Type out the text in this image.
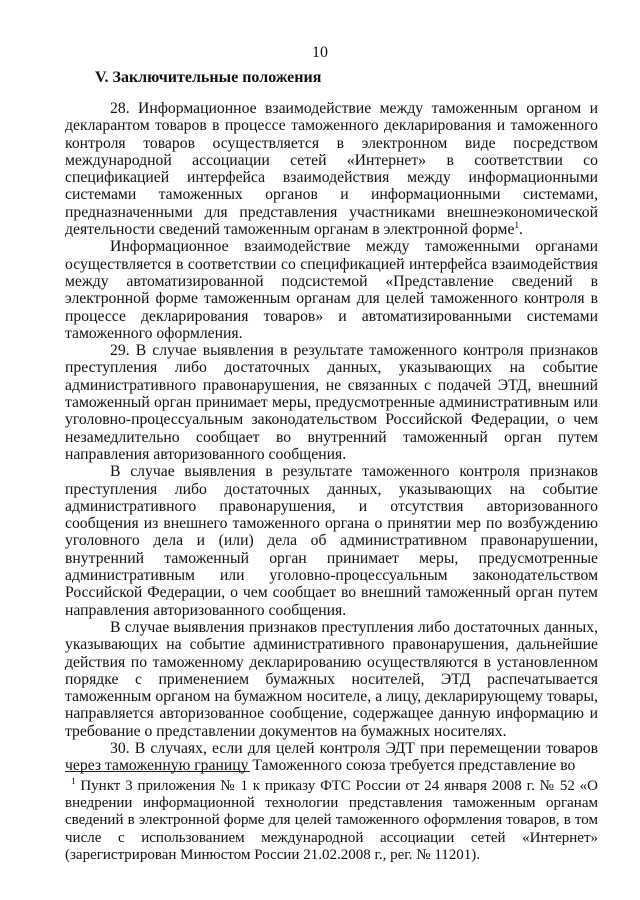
10
V. Заключительные положения

28. Информационное взаимодействие между таможенным органом и декларантом товаров в процессе таможенного декларирования и таможенного контроля товаров осуществляется в электронном виде посредством международной ассоциации сетей «Интернет» в соответствии со спецификацией интерфейса взаимодействия между информационными системами таможенных органов и информационными системами, предназначенными для представления участниками внешнеэкономической деятельности сведений таможенным органам в электронной форме$^1$.

Информационное взаимодействие между таможенными органами осуществляется в соответствии со спецификацией интерфейса взаимодействия между автоматизированной подсистемой «Представление сведений в электронной форме таможенным органам для целей таможенного контроля в процессе декларирования товаров» и автоматизированными системами таможенного оформления.

29. В случае выявления в результате таможенного контроля признаков преступления либо достаточных данных, указывающих на событие административного правонарушения, не связанных с подачей ЭТД, внешний таможенный орган принимает меры, предусмотренные административным или уголовно-процессуальным законодательством Российской Федерации, о чем незамедлительно сообщает во внутренний таможенный орган путем направления авторизованного сообщения.

В случае выявления в результате таможенного контроля признаков преступления либо достаточных данных, указывающих на событие административного правонарушения, и отсутствия авторизованного сообщения из внешнего таможенного органа о принятии мер по возбуждению уголовного дела и (или) дела об административном правонарушении, внутренний таможенный орган принимает меры, предусмотренные административным или уголовно-процессуальным законодательством Российской Федерации, о чем сообщает во внешний таможенный орган путем направления авторизованного сообщения.

В случае выявления признаков преступления либо достаточных данных, указывающих на событие административного правонарушения, дальнейшие действия по таможенному декларированию осуществляются в установленном порядке с применением бумажных носителей, ЭТД распечатывается таможенным органом на бумажном носителе, а лицу, декларирующему товары, направляется авторизованное сообщение, содержащее данную информацию и требование о представлении документов на бумажных носителях.

30. В случаях, если для целей контроля ЭДТ при перемещении товаров через таможенную границу Таможенного союза требуется представление во

$^1$ Пункт 3 приложения № 1 к приказу ФТС России от 24 января 2008 г. № 52 «О внедрении информационной технологии представления таможенным органам сведений в электронной форме для целей таможенного оформления товаров, в том числе с использованием международной ассоциации сетей «Интернет» (зарегистрирован Минюстом России 21.02.2008 г., рег. № 11201).
